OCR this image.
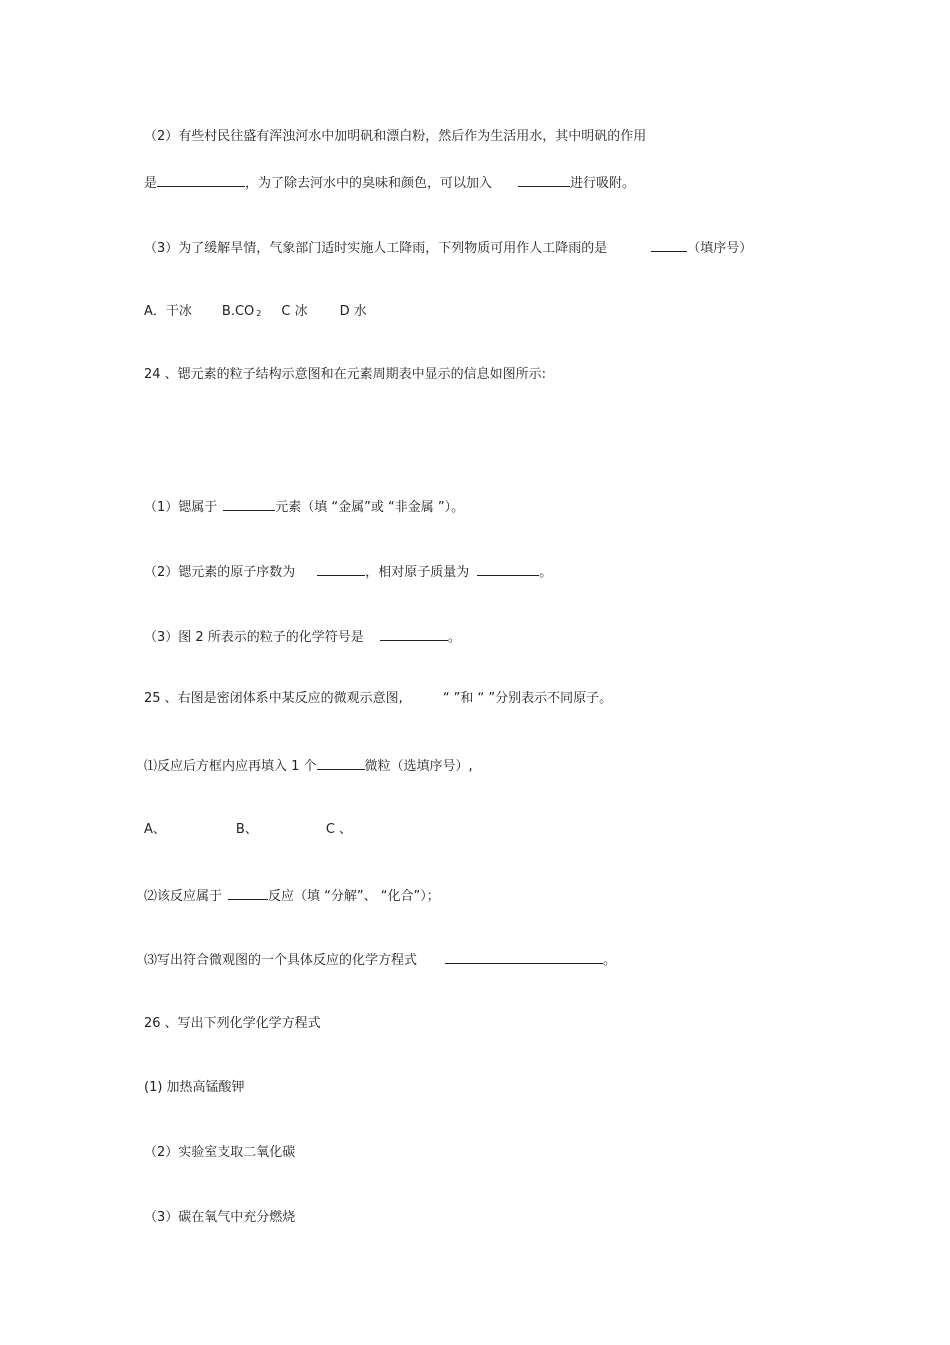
（2）有些村民往盛有浑浊河水中加明矾和漂白粉，然后作为生活用水，其中明矾的作用
是	，为了除去河水中的臭味和颜色，可以加入	进行吸附。
（3）为了缓解旱情，气象部门适时实施人工降雨，下列物质可用作人工降雨的是	（填序号）
A．干冰 B.CO $_2$ C 冰 D 水
24 、锶元素的粒子结构示意图和在元素周期表中显示的信息如图所示:
（1）锶属于	元素（填 “金属”或 “非金属 ”）。
（2）锶元素的原子序数为	，相对原子质量为	。
（3）图 2 所表示的粒子的化学符号是	。
25 、右图是密闭体系中某反应的微观示意图,	“ ”和 “ ”分别表示不同原子。
⑴反应后方框内应再填入 1 个	微粒（选填序号）,
A、	B、	C 、
⑵该反应属于	反应（填 “分解”、 “化合”）；
⑶写出符合微观图的一个具体反应的化学方程式	。
26 、写出下列化学化学方程式
(1) 加热高锰酸钾
（2）实验室支取二氧化碳
（3）碳在氧气中充分燃烧
